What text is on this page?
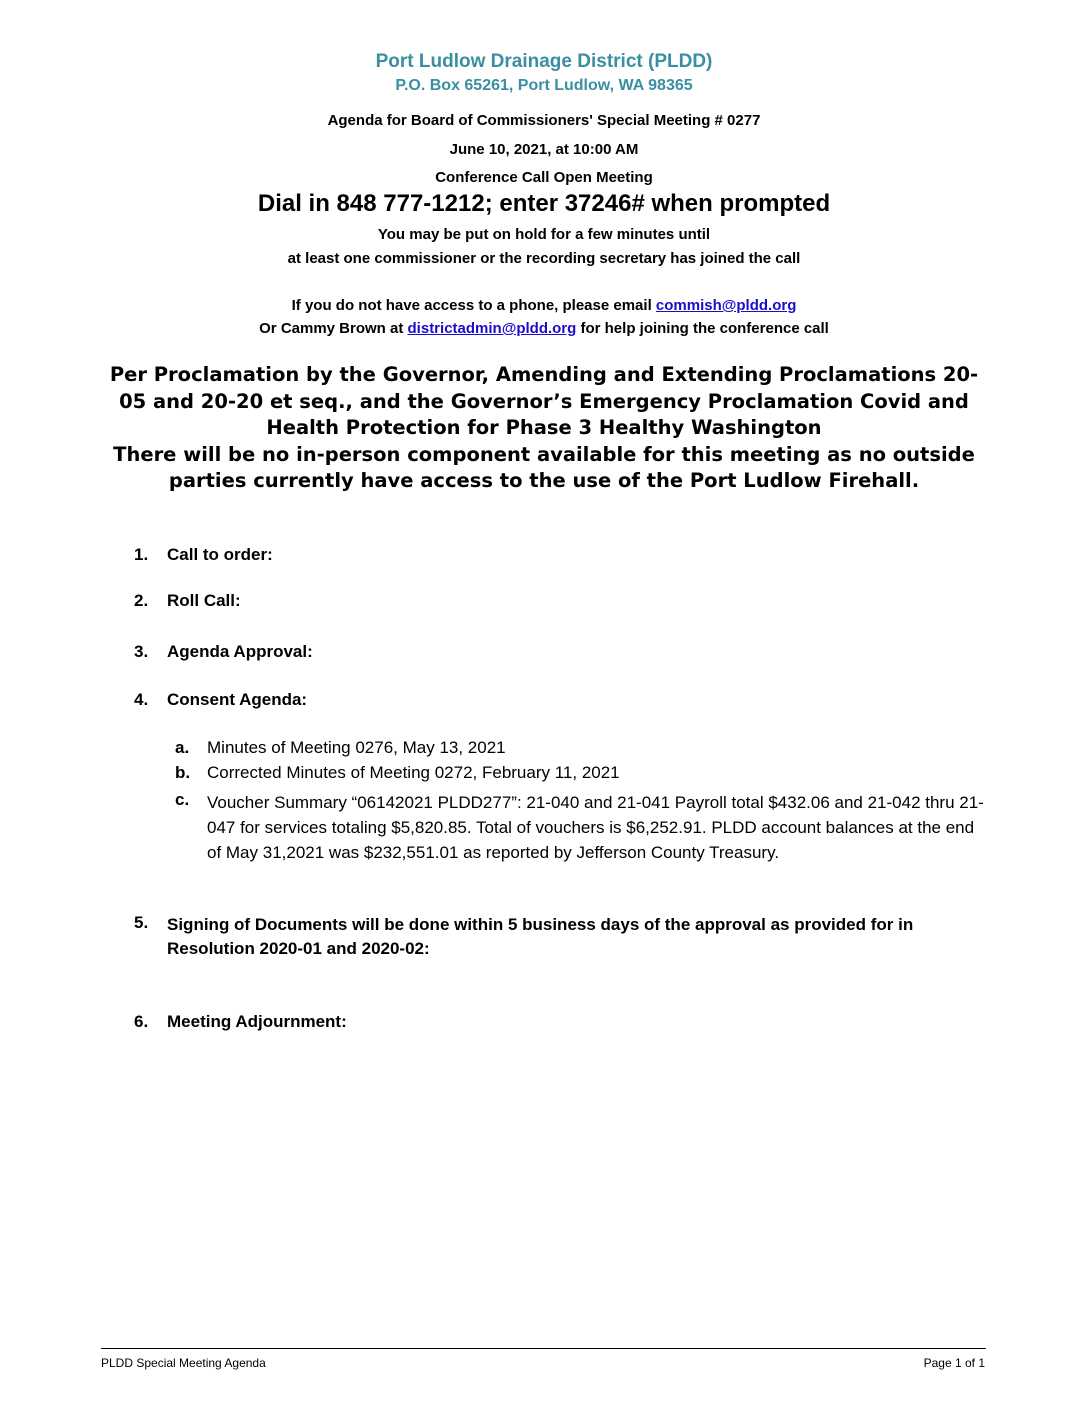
Port Ludlow Drainage District (PLDD)
P.O. Box 65261, Port Ludlow, WA 98365
Agenda for Board of Commissioners' Special Meeting # 0277
June 10, 2021, at 10:00 AM
Conference Call Open Meeting
Dial in 848 777-1212; enter 37246# when prompted
You may be put on hold for a few minutes until
at least one commissioner or the recording secretary has joined the call
If you do not have access to a phone, please email commish@pldd.org
Or Cammy Brown at districtadmin@pldd.org for help joining the conference call
Per Proclamation by the Governor, Amending and Extending Proclamations 20-
05 and 20-20 et seq., and the Governor’s Emergency Proclamation Covid and
Health Protection for Phase 3 Healthy Washington
There will be no in-person component available for this meeting as no outside
parties currently have access to the use of the Port Ludlow Firehall.
1.	Call to order:
2.	Roll Call:
3.	Agenda Approval:
4.	Consent Agenda:
a. Minutes of Meeting 0276, May 13, 2021
b. Corrected Minutes of Meeting 0272, February 11, 2021
c. Voucher Summary “06142021 PLDD277”: 21-040 and 21-041 Payroll total $432.06 and 21-042 thru 21-047 for services totaling $5,820.85. Total of vouchers is $6,252.91. PLDD account balances at the end of May 31,2021 was $232,551.01 as reported by Jefferson County Treasury.
5.	Signing of Documents will be done within 5 business days of the approval as provided for in Resolution 2020-01 and 2020-02:
6.	Meeting Adjournment:
PLDD Special Meeting Agenda	Page 1 of 1
